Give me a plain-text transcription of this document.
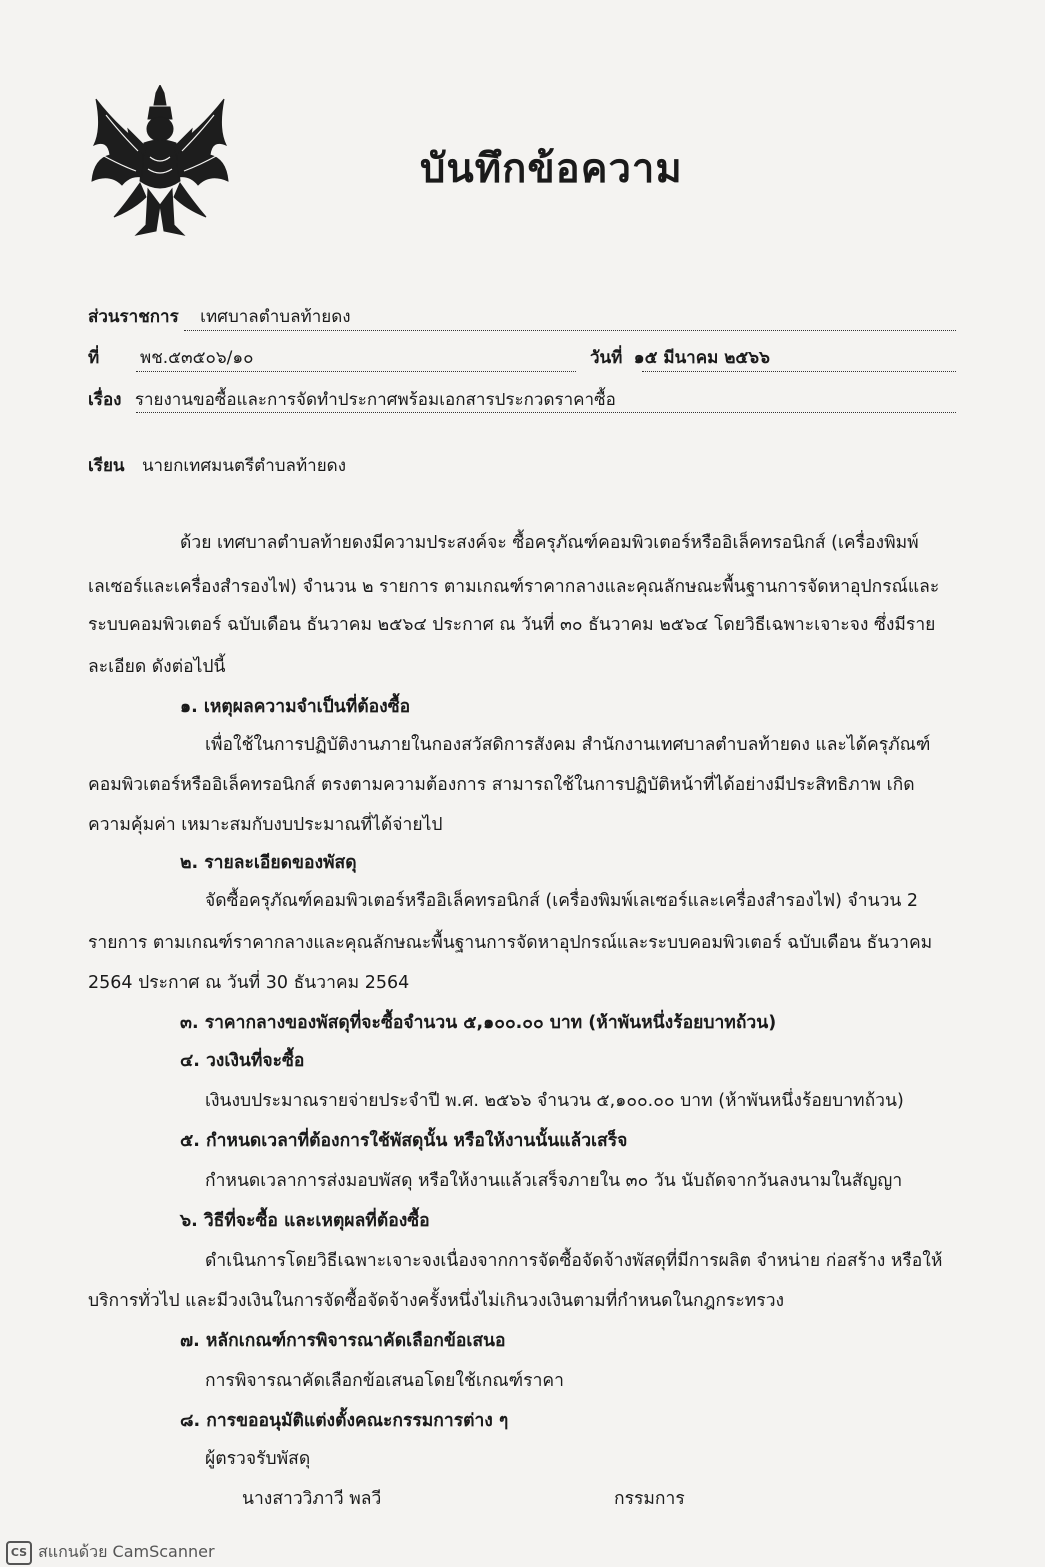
บันทึกข้อความ
ส่วนราชการ เทศบาลตำบลท้ายดง
ที่ พช.๕๓๕๐๖/๑๐	วันที่ ๑๕ มีนาคม ๒๕๖๖
เรื่อง รายงานขอซื้อและการจัดทำประกาศพร้อมเอกสารประกวดราคาซื้อ
เรียน นายกเทศมนตรีตำบลท้ายดง
ด้วย เทศบาลตำบลท้ายดงมีความประสงค์จะ ซื้อครุภัณฑ์คอมพิวเตอร์หรืออิเล็คทรอนิกส์ (เครื่องพิมพ์
เลเซอร์และเครื่องสำรองไฟ) จำนวน ๒ รายการ ตามเกณฑ์ราคากลางและคุณลักษณะพื้นฐานการจัดหาอุปกรณ์และ
ระบบคอมพิวเตอร์ ฉบับเดือน ธันวาคม ๒๕๖๔ ประกาศ ณ วันที่ ๓๐ ธันวาคม ๒๕๖๔ โดยวิธีเฉพาะเจาะจง ซึ่งมีราย
ละเอียด ดังต่อไปนี้
๑. เหตุผลความจำเป็นที่ต้องซื้อ
เพื่อใช้ในการปฏิบัติงานภายในกองสวัสดิการสังคม สำนักงานเทศบาลตำบลท้ายดง และได้ครุภัณฑ์
คอมพิวเตอร์หรืออิเล็คทรอนิกส์ ตรงตามความต้องการ สามารถใช้ในการปฏิบัติหน้าที่ได้อย่างมีประสิทธิภาพ เกิด
ความคุ้มค่า เหมาะสมกับงบประมาณที่ได้จ่ายไป
๒. รายละเอียดของพัสดุ
จัดซื้อครุภัณฑ์คอมพิวเตอร์หรืออิเล็คทรอนิกส์ (เครื่องพิมพ์เลเซอร์และเครื่องสำรองไฟ) จำนวน 2
รายการ ตามเกณฑ์ราคากลางและคุณลักษณะพื้นฐานการจัดหาอุปกรณ์และระบบคอมพิวเตอร์ ฉบับเดือน ธันวาคม
2564 ประกาศ ณ วันที่ 30 ธันวาคม 2564
๓. ราคากลางของพัสดุที่จะซื้อจำนวน ๕,๑๐๐.๐๐ บาท (ห้าพันหนึ่งร้อยบาทถ้วน)
๔. วงเงินที่จะซื้อ
เงินงบประมาณรายจ่ายประจำปี พ.ศ. ๒๕๖๖ จำนวน ๕,๑๐๐.๐๐ บาท (ห้าพันหนึ่งร้อยบาทถ้วน)
๕. กำหนดเวลาที่ต้องการใช้พัสดุนั้น หรือให้งานนั้นแล้วเสร็จ
กำหนดเวลาการส่งมอบพัสดุ หรือให้งานแล้วเสร็จภายใน ๓๐ วัน นับถัดจากวันลงนามในสัญญา
๖. วิธีที่จะซื้อ และเหตุผลที่ต้องซื้อ
ดำเนินการโดยวิธีเฉพาะเจาะจงเนื่องจากการจัดซื้อจัดจ้างพัสดุที่มีการผลิต จำหน่าย ก่อสร้าง หรือให้
บริการทั่วไป และมีวงเงินในการจัดซื้อจัดจ้างครั้งหนึ่งไม่เกินวงเงินตามที่กำหนดในกฎกระทรวง
๗. หลักเกณฑ์การพิจารณาคัดเลือกข้อเสนอ
การพิจารณาคัดเลือกข้อเสนอโดยใช้เกณฑ์ราคา
๘. การขออนุมัติแต่งตั้งคณะกรรมการต่าง ๆ
ผู้ตรวจรับพัสดุ
นางสาววิภาวี พลวี	กรรมการ
CS สแกนด้วย CamScanner
